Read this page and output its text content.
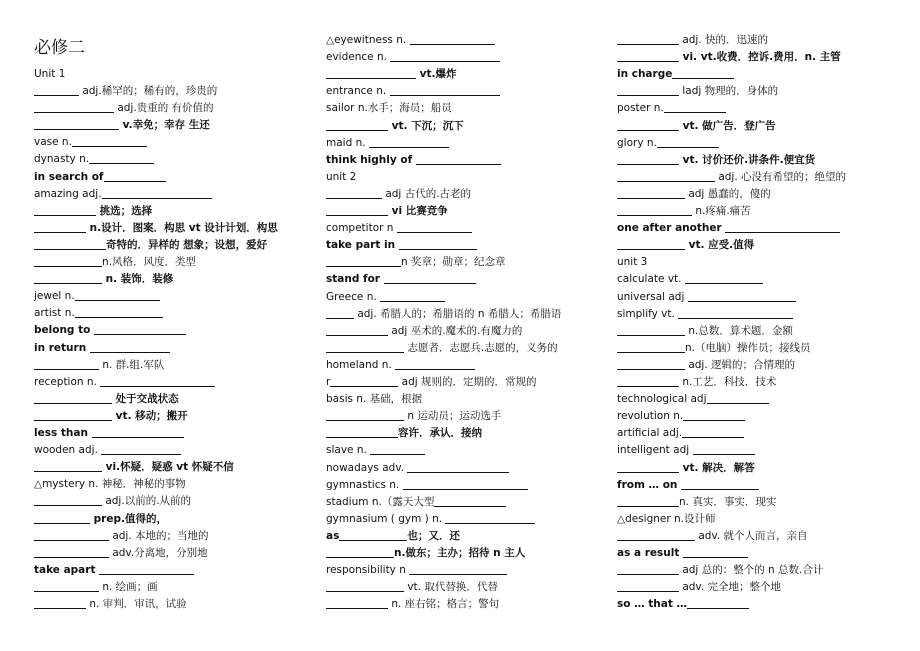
必修二
Unit 1
adj.稀罕的；稀有的，珍贵的
adj.贵重的 有价值的
v.幸免；幸存 生还
vase n.
dynasty n.
in search of
amazing adj.
挑选；选择
n.设计．图案．构思 vt 设计计划．构思
奇特的．异样的 想象；设想，爱好
n.风格．风度．类型
n. 装饰．装修
jewel n.
artist n.
belong to
in return
n. 群.组.军队
reception n.
处于交战状态
vt. 移动；搬开
less than
wooden adj.
vi.怀疑．疑惑 vt 怀疑不信
△mystery n. 神秘．神秘的事物
adj.以前的.从前的
prep.值得的，
adj. 本地的；当地的
adv.分离地，分别地
take apart
n. 绘画；画
n. 审判．审讯，试验
△eyewitness n.
evidence n.
vt.爆炸
entrance n.
sailor n.水手；海员；船员
vt. 下沉；沉下
maid n.
think highly of
unit 2
adj 古代的.古老的
vi 比赛竞争
competitor n
take part in
n 奖章；勋章；纪念章
stand for
Greece n.
adj. 希腊人的；希腊语的 n 希腊人；希腊语
adj 巫术的.魔术的.有魔力的
志愿者．志愿兵.志愿的，义务的
homeland n.
r	adj 规则的．定期的．常规的
basis n. 基础，根据
n 运动员；运动选手
容许．承认．接纳
slave n.
nowadays adv.
gymnastics n.
stadium n.（露天大型
gymnasium ( gym ) n.
as	也；又．还
n.做东；主办；招待 n 主人
responsibility n
vt. 取代替换．代替
n. 座右铭；格言；警句
adj. 快的．迅速的
vi. vt.收费．控诉.费用．n. 主管
in charge
ladj 物理的．身体的
poster n.
vt. 做广告．登广告
glory n.
vt. 讨价还价.讲条件.便宜货
adj. 心没有希望的；绝望的
adj 愚蠢的，傻的
n.疼痛.痛苦
one after another
vt. 应受.值得
unit 3
calculate vt.
universal adj
simplify vt.
n.总数．算术题．金额
n.（电脑）操作员；接线员
adj. 逻辑的；合情理的
n.工艺．科技．技术
technological adj
revolution n.
artificial adj.
intelligent adj
vt. 解决．解答
from … on
n. 真实．事实．现实
△designer n.设计师
adv. 就个人而言，亲自
as a result
adj 总的：整个的 n 总数.合计
adv. 完全地；整个地
so … that …
